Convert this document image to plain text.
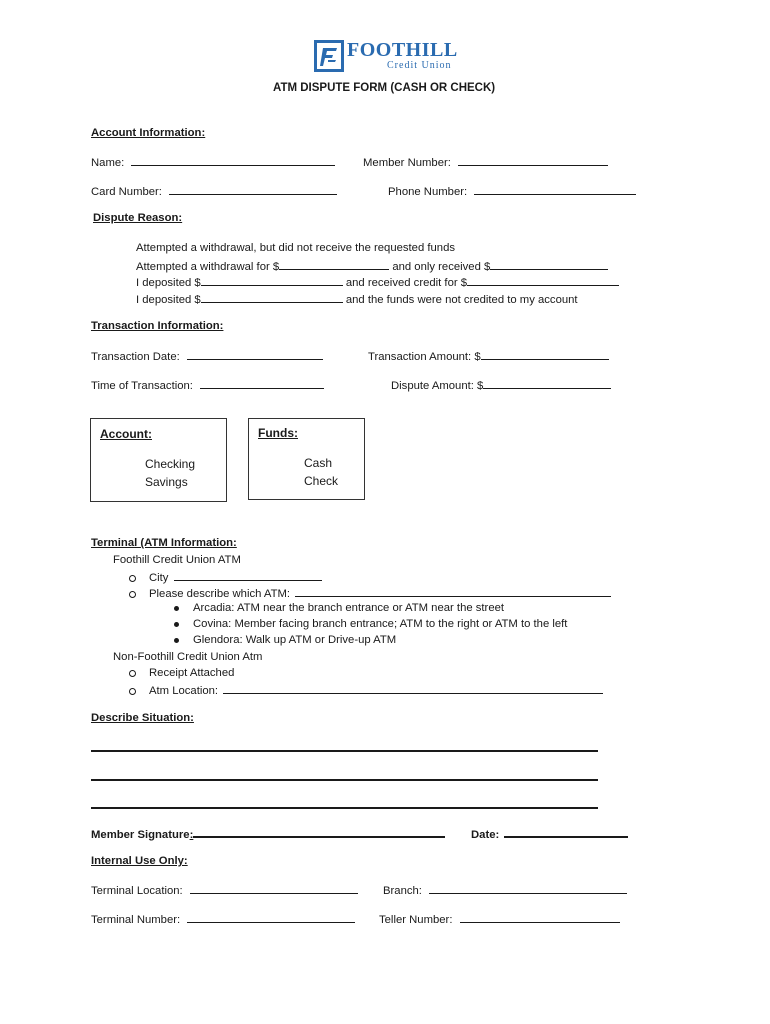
FOOTHILL
Credit Union
ATM DISPUTE FORM (CASH OR CHECK)
Account Information:
Name:	Member Number:
Card Number:	Phone Number:
Dispute Reason:
Attempted a withdrawal, but did not receive the requested funds
Attempted a withdrawal for $	and only received $
I deposited $	and received credit for $
I deposited $	and the funds were not credited to my account
Transaction Information:
Transaction Date:	Transaction Amount: $
Time of Transaction:	Dispute Amount: $
Account:
Checking
Savings
Funds:
Cash
Check
Terminal (ATM Information:
Foothill Credit Union ATM
City
Please describe which ATM:
Arcadia: ATM near the branch entrance or ATM near the street
Covina: Member facing branch entrance; ATM to the right or ATM to the left
Glendora: Walk up ATM or Drive-up ATM
Non-Foothill Credit Union Atm
Receipt Attached
Atm Location:
Describe Situation:
Member Signature:	Date:
Internal Use Only:
Terminal Location:	Branch:
Terminal Number:	Teller Number:
